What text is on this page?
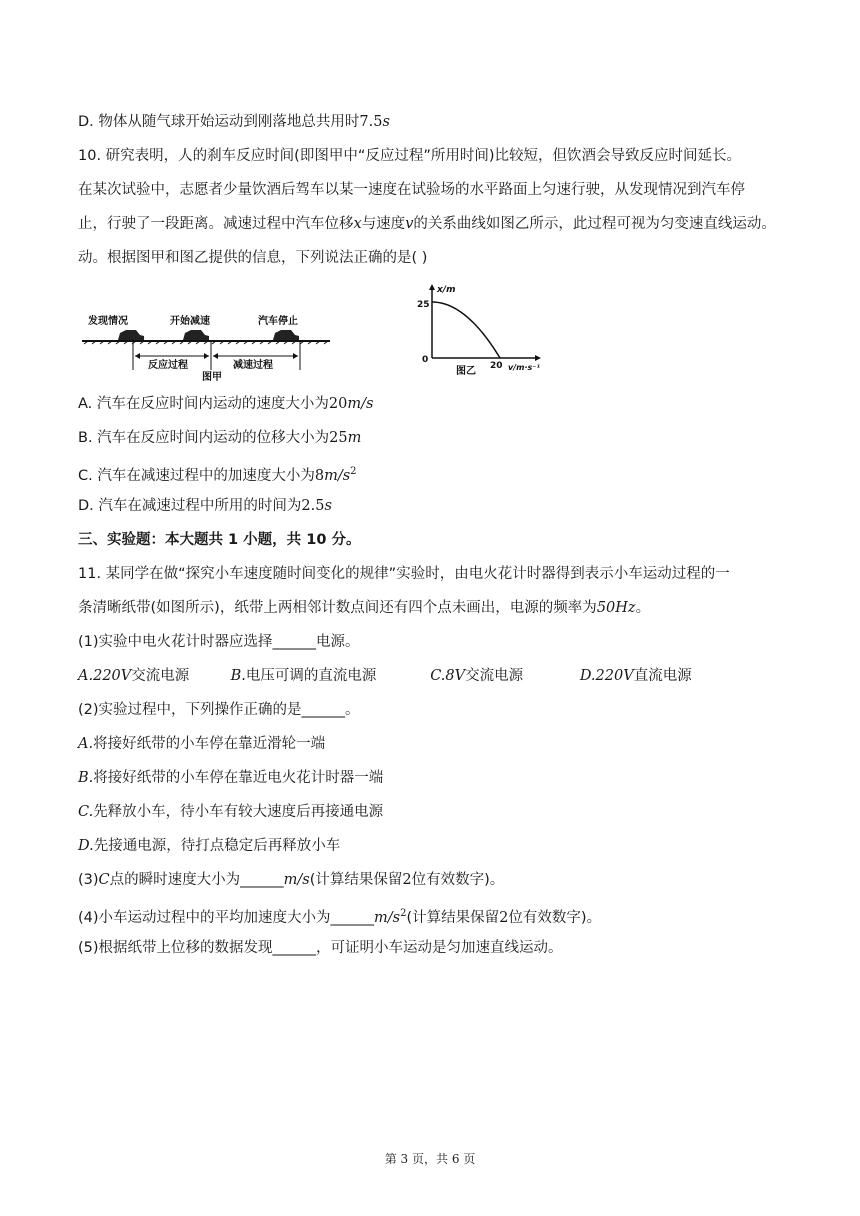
D. 物体从随气球开始运动到刚落地总共用时7.5s
10. 研究表明，人的刹车反应时间(即图甲中“反应过程”所用时间)比较短，但饮酒会导致反应时间延长。
在某次试验中，志愿者少量饮酒后驾车以某一速度在试验场的水平路面上匀速行驶，从发现情况到汽车停
止，行驶了一段距离。减速过程中汽车位移x与速度v的关系曲线如图乙所示，此过程可视为匀变速直线运动。
动。根据图甲和图乙提供的信息，下列说法正确的是( )
发现情况	开始减速	汽车停止
反应过程	减速过程
图甲
x/m
25
0
20 v/m·s⁻¹
图乙
A. 汽车在反应时间内运动的速度大小为20m/s
B. 汽车在反应时间内运动的位移大小为25m
C. 汽车在减速过程中的加速度大小为$8m/s^2$
D. 汽车在减速过程中所用的时间为2.5s
三、实验题：本大题共 1 小题，共 10 分。
11. 某同学在做“探究小车速度随时间变化的规律”实验时，由电火花计时器得到表示小车运动过程的一
条清晰纸带(如图所示)，纸带上两相邻计数点间还有四个点未画出，电源的频率为50Hz。
(1)实验中电火花计时器应选择______电源。
A.220V交流电源	B.电压可调的直流电源	C.8V交流电源	D.220V直流电源
(2)实验过程中，下列操作正确的是______。
A.将接好纸带的小车停在靠近滑轮一端
B.将接好纸带的小车停在靠近电火花计时器一端
C.先释放小车，待小车有较大速度后再接通电源
D.先接通电源，待打点稳定后再释放小车
(3)C点的瞬时速度大小为______m/s(计算结果保留2位有效数字)。
(4)小车运动过程中的平均加速度大小为$\_\_\_\_\_\_m/s^2$(计算结果保留2位有效数字)。
(5)根据纸带上位移的数据发现______，可证明小车运动是匀加速直线运动。
第 3 页，共 6 页
